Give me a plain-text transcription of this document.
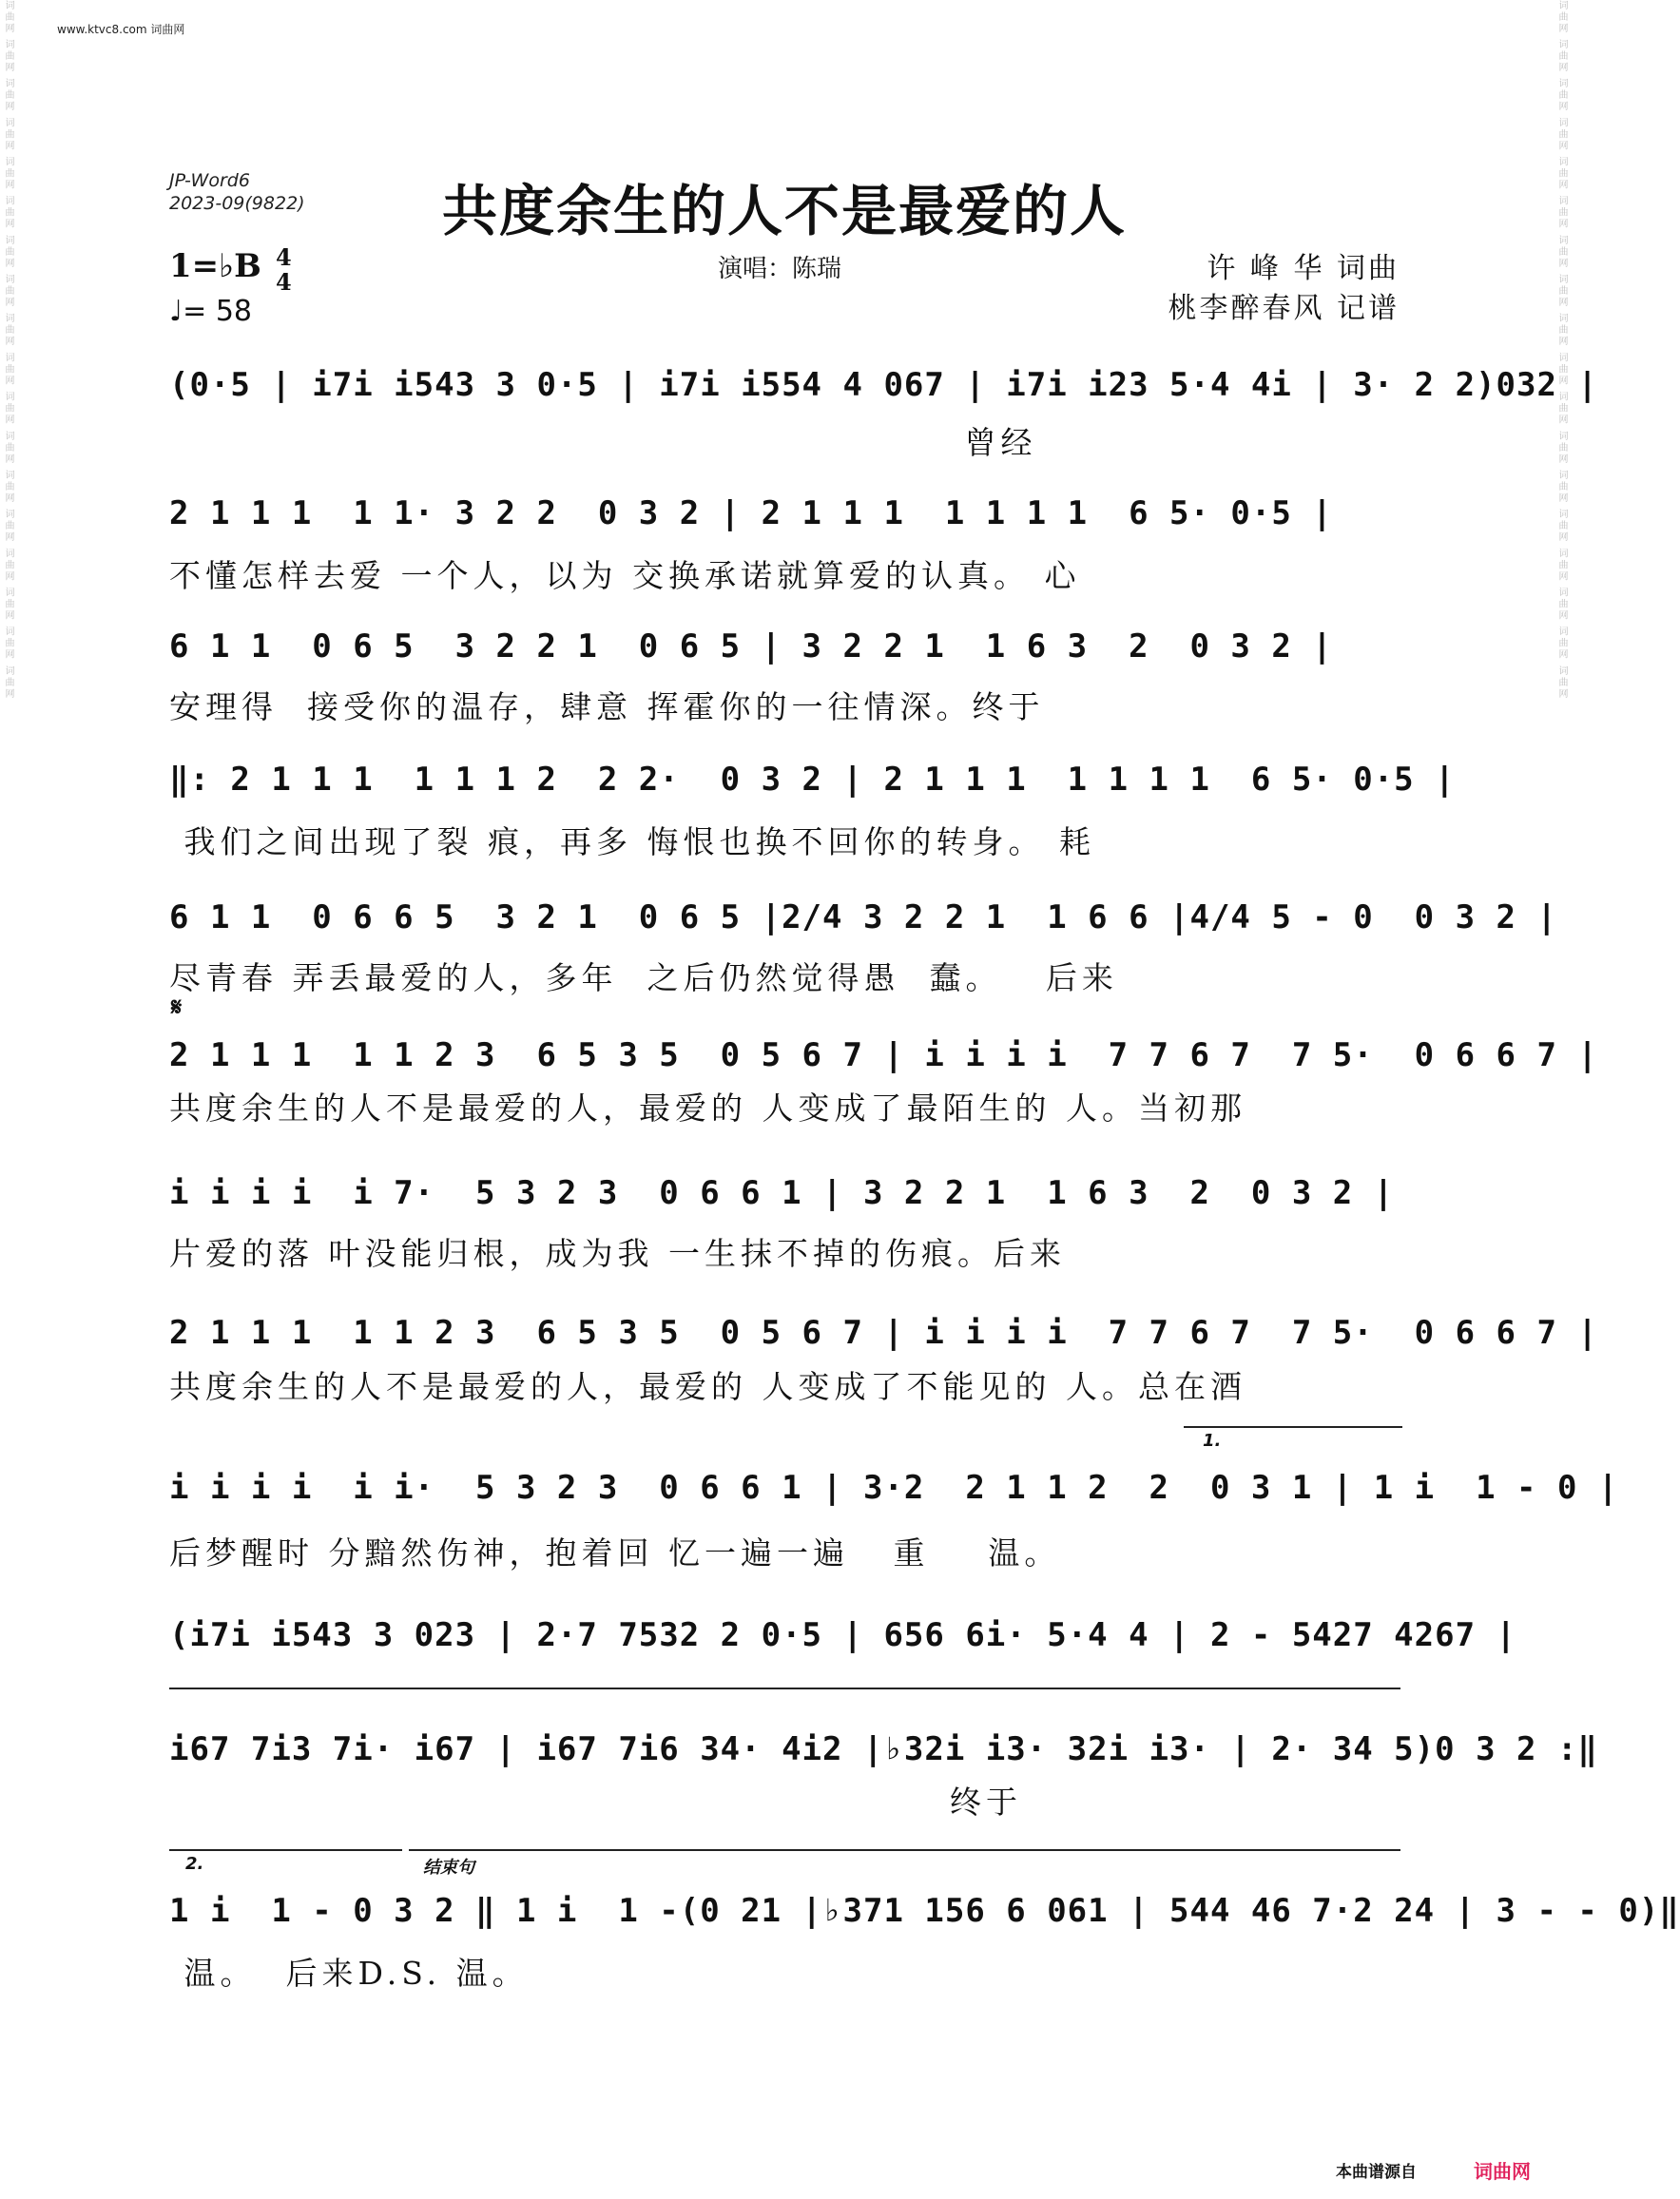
词曲网 词曲网 词曲网 词曲网 词曲网 词曲网 词曲网 词曲网 词曲网 词曲网 词曲网 词曲网 词曲网 词曲网 词曲网 词曲网 词曲网 词曲网	词曲网 词曲网 词曲网 词曲网 词曲网 词曲网 词曲网 词曲网 词曲网 词曲网 词曲网 词曲网 词曲网 词曲网 词曲网 词曲网 词曲网 词曲网
www.ktvc8.com 词曲网
JP-Word6
2023-09(9822)	共度余生的人不是最爱的人
1=♭B 4
4
♩= 58
演唱：陈瑞	许 峰 华 词曲
桃李醉春风 记谱
(0·5 | i7i i543 3 0·5 | i7i i554 4 067 | i7i i23 5·4 4i | 3· 2 2)032 |
曾经
2 1 1 1  1 1· 3 2 2  0 3 2 | 2 1 1 1  1 1 1 1  6 5· 0·5 |
不懂怎样去爱 一个人，以为 交换承诺就算爱的认真。 心
6 1 1  0 6 5  3 2 2 1  0 6 5 | 3 2 2 1  1 6 3  2  0 3 2 |
安理得  接受你的温存，肆意 挥霍你的一往情深。终于
‖: 2 1 1 1  1 1 1 2  2 2·  0 3 2 | 2 1 1 1  1 1 1 1  6 5· 0·5 |
我们之间出现了裂 痕，再多 悔恨也换不回你的转身。 耗
6 1 1  0 6 6 5  3 2 1  0 6 5 |2/4 3 2 2 1  1 6 6 |4/4 5 - 0  0 3 2 |
尽青春 弄丢最爱的人，多年  之后仍然觉得愚  蠢。   后来
𝄋
2 1 1 1  1 1 2 3  6 5 3 5  0 5 6 7 | i i i i  7 7 6 7  7 5·  0 6 6 7 |
共度余生的人不是最爱的人，最爱的 人变成了最陌生的 人。当初那
i i i i  i 7·  5 3 2 3  0 6 6 1 | 3 2 2 1  1 6 3  2  0 3 2 |
片爱的落 叶没能归根，成为我 一生抹不掉的伤痕。后来
2 1 1 1  1 1 2 3  6 5 3 5  0 5 6 7 | i i i i  7 7 6 7  7 5·  0 6 6 7 |
共度余生的人不是最爱的人，最爱的 人变成了不能见的 人。总在酒
1.
i i i i  i i·  5 3 2 3  0 6 6 1 | 3·2  2 1 1 2  2  0 3 1 | 1 i  1 - 0 |
后梦醒时 分黯然伤神，抱着回 忆一遍一遍   重    温。
(i7i i543 3 023 | 2·7 7532 2 0·5 | 656 6i· 5·4 4 | 2 - 5427 4267 |
i67 7i3 7i· i67 | i67 7i6 34· 4i2 |♭32i i3· 32i i3· | 2· 34 5)0 3 2 :‖
终于
2.	结束句
1 i  1 - 0 3 2 ‖ 1 i  1 -(0 21 |♭371 156 6 061 | 544 46 7·2 24 | 3 - - 0)‖
温。  后来D.S. 温。
本曲谱源自	词曲网
